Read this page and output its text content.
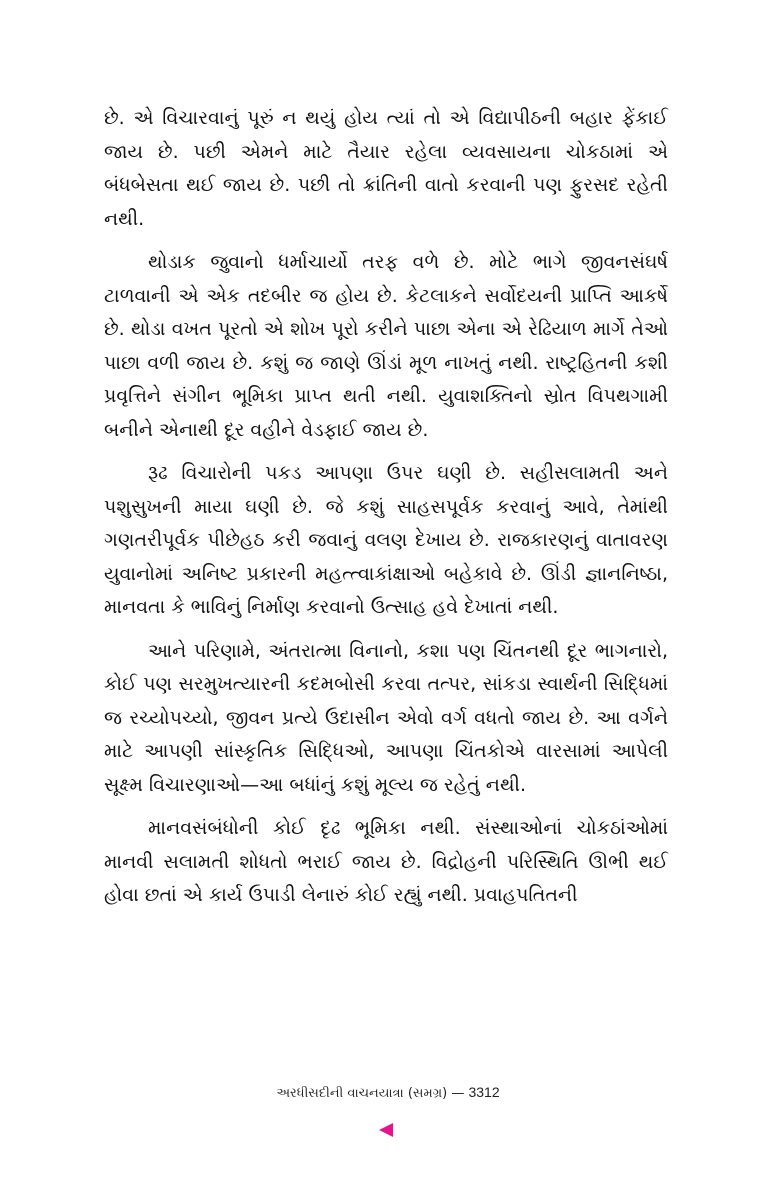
છે. એ વિચારવાનું પૂરું ન થયું હોય ત્યાં તો એ વિદ્યાપીઠની બહાર ફેંકાઈ જાય છે. પછી એમને માટે તૈયાર રહેલા વ્યવસાયના ચોકઠામાં એ બંધબેસતા થઈ જાય છે. પછી તો ક્રાંતિની વાતો કરવાની પણ ફુરસદ રહેતી નથી.

થોડાક જુવાનો ધર્માચાર્યો તરફ વળે છે. મોટે ભાગે જીવનસંઘર્ષ ટાળવાની એ એક તદબીર જ હોય છે. કેટલાકને સર્વોદયની પ્રાપ્તિ આકર્ષે છે. થોડા વખત પૂરતો એ શોખ પૂરો કરીને પાછા એના એ રેઢિયાળ માર્ગે તેઓ પાછા વળી જાય છે. કશું જ જાણે ઊંડાં મૂળ નાખતું નથી. રાષ્ટ્રહિતની કશી પ્રવૃત્તિને સંગીન ભૂમિકા પ્રાપ્ત થતી નથી. યુવાશક્તિનો સ્રોત વિપથગામી બનીને એનાથી દૂર વહીને વેડફાઈ જાય છે.

રૂઢ વિચારોની પકડ આપણા ઉપર ઘણી છે. સહીસલામતી અને પશુસુખની માયા ઘણી છે. જે કશું સાહસપૂર્વક કરવાનું આવે, તેમાંથી ગણતરીપૂર્વક પીછેહઠ કરી જવાનું વલણ દેખાય છે. રાજકારણનું વાતાવરણ યુવાનોમાં અનિષ્ટ પ્રકારની મહત્ત્વાકાંક્ષાઓ બહેકાવે છે. ઊંડી જ્ઞાનનિષ્ઠા, માનવતા કે ભાવિનું નિર્માણ કરવાનો ઉત્સાહ હવે દેખાતાં નથી.

આને પરિણામે, અંતરાત્મા વિનાનો, કશા પણ ચિંતનથી દૂર ભાગનારો, કોઈ પણ સરમુખત્યારની કદમબોસી કરવા તત્પર, સાંકડા સ્વાર્થની સિદ્ધિમાં જ રચ્યોપચ્યો, જીવન પ્રત્યે ઉદાસીન એવો વર્ગ વધતો જાય છે. આ વર્ગને માટે આપણી સાંસ્કૃતિક સિદ્ધિઓ, આપણા ચિંતકોએ વારસામાં આપેલી સૂક્ષ્મ વિચારણાઓ—આ બધાંનું કશું મૂલ્ય જ રહેતું નથી.

માનવસંબંધોની કોઈ દૃઢ ભૂમિકા નથી. સંસ્થાઓનાં ચોકઠાંઓમાં માનવી સલામતી શોધતો ભરાઈ જાય છે. વિદ્રોહની પરિસ્થિતિ ઊભી થઈ હોવા છતાં એ કાર્ય ઉપાડી લેનારું કોઈ રહ્યું નથી. પ્રવાહપતિતની

અરધીસદીની વાચનયાત્રા (સમગ્ર) — 3312
